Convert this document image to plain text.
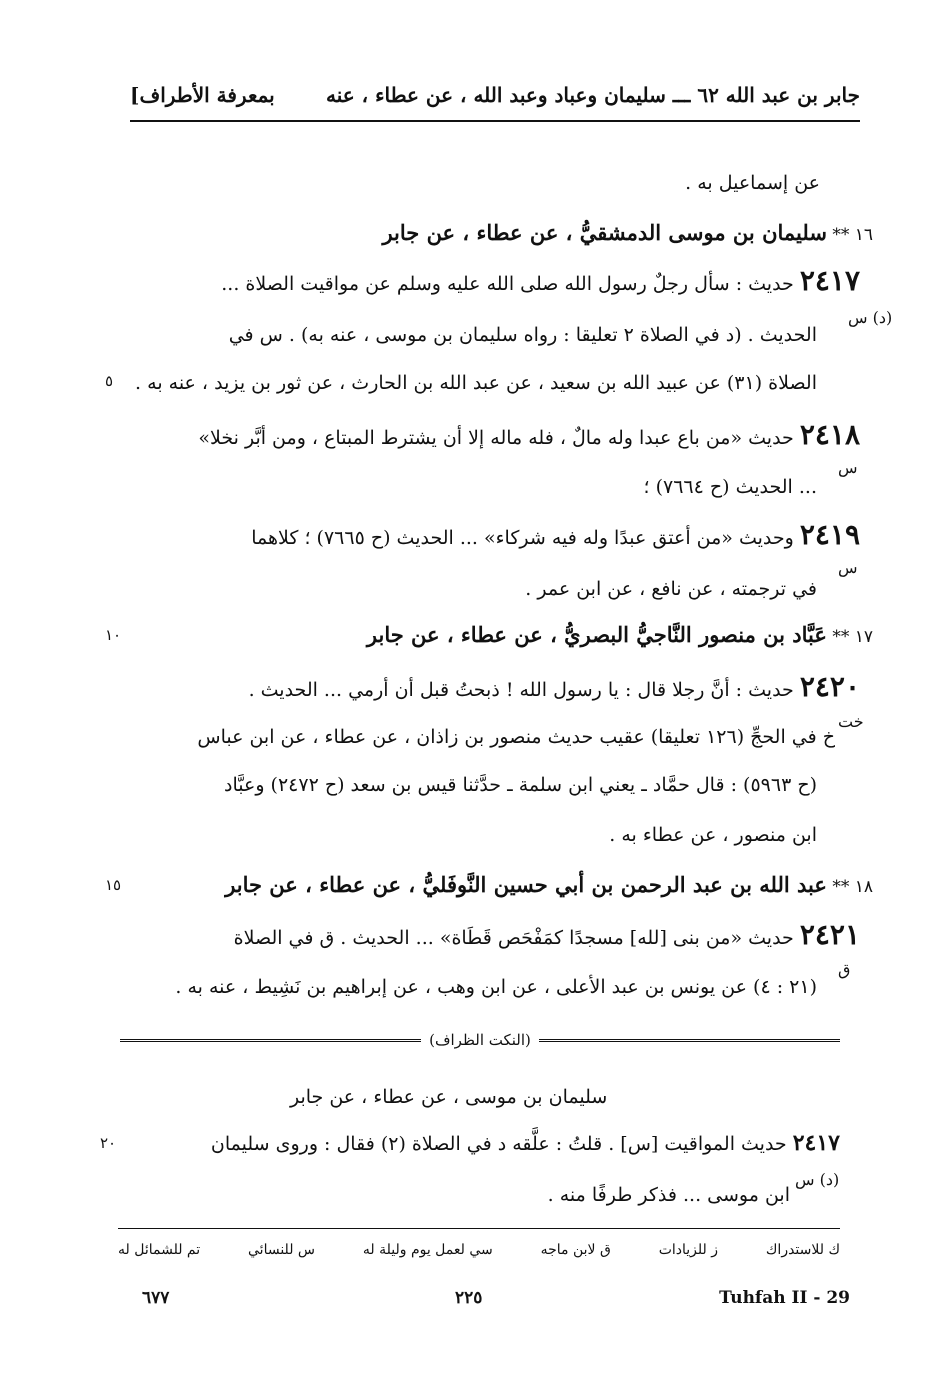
بمعرفة الأطراف]	جابر بن عبد الله ٦٢ ـــ سليمان وعباد وعبد الله ، عن عطاء ، عنه
عن إسماعيل به .
١٦ ** سليمان بن موسى الدمشقيُّ ، عن عطاء ، عن جابر
٢٤١٧ حديث : سأل رجلٌ رسول الله صلى الله عليه وسلم عن مواقيت الصلاة ...
(د) س
الحديث . (د في الصلاة ٢ تعليقا : رواه سليمان بن موسى ، عنه به) . س في
الصلاة (٣١) عن عبيد الله بن سعيد ، عن عبد الله بن الحارث ، عن ثور بن يزيد ، عنه به .
٥
٢٤١٨ حديث «من باع عبدا وله مالٌ ، فله ماله إلا أن يشترط المبتاع ، ومن أبَّر نخلا»
س
... الحديث (ح ٧٦٦٤) ؛
٢٤١٩ وحديث «من أعتق عبدًا وله فيه شركاء» ... الحديث (ح ٧٦٦٥) ؛ كلاهما
س
في ترجمته ، عن نافع ، عن ابن عمر .
١٧ ** عَبَّاد بن منصور النَّاجيُّ البصريُّ ، عن عطاء ، عن جابر
١٠
٢٤٢٠ حديث : أنَّ رجلا قال : يا رسول الله ! ذبحتُ قبل أن أرمي ... الحديث .
خت
خ في الحجِّ (١٢٦ تعليقا) عقيب حديث منصور بن زاذان ، عن عطاء ، عن ابن عباس
(ح ٥٩٦٣) : قال حمَّاد ـ يعني ابن سلمة ـ حدَّثنا قيس بن سعد (ح ٢٤٧٢) وعبَّاد
ابن منصور ، عن عطاء به .
١٨ ** عبد الله بن عبد الرحمن بن أبي حسين النَّوفَليُّ ، عن عطاء ، عن جابر
١٥
٢٤٢١ حديث «من بنى [لله] مسجدًا كمَفْحَص قَطَاة» ... الحديث . ق في الصلاة
ق
(٢١ : ٤) عن يونس بن عبد الأعلى ، عن ابن وهب ، عن إبراهيم بن نَشِيط ، عنه به .
(النكت الظراف)
سليمان بن موسى ، عن عطاء ، عن جابر
٢٤١٧ حديث المواقيت [س] . قلتُ : علَّقه د في الصلاة (٢) فقال : وروى سليمان
٢٠
(د) س
ابن موسى ... فذكر طرفًا منه .
تم للشمائل له	س للنسائي	سي لعمل يوم وليلة له	ق لابن ماجه	ز للزيادات	ك للاستدراك
Tuhfah II - 29
٢٢٥
٦٧٧
